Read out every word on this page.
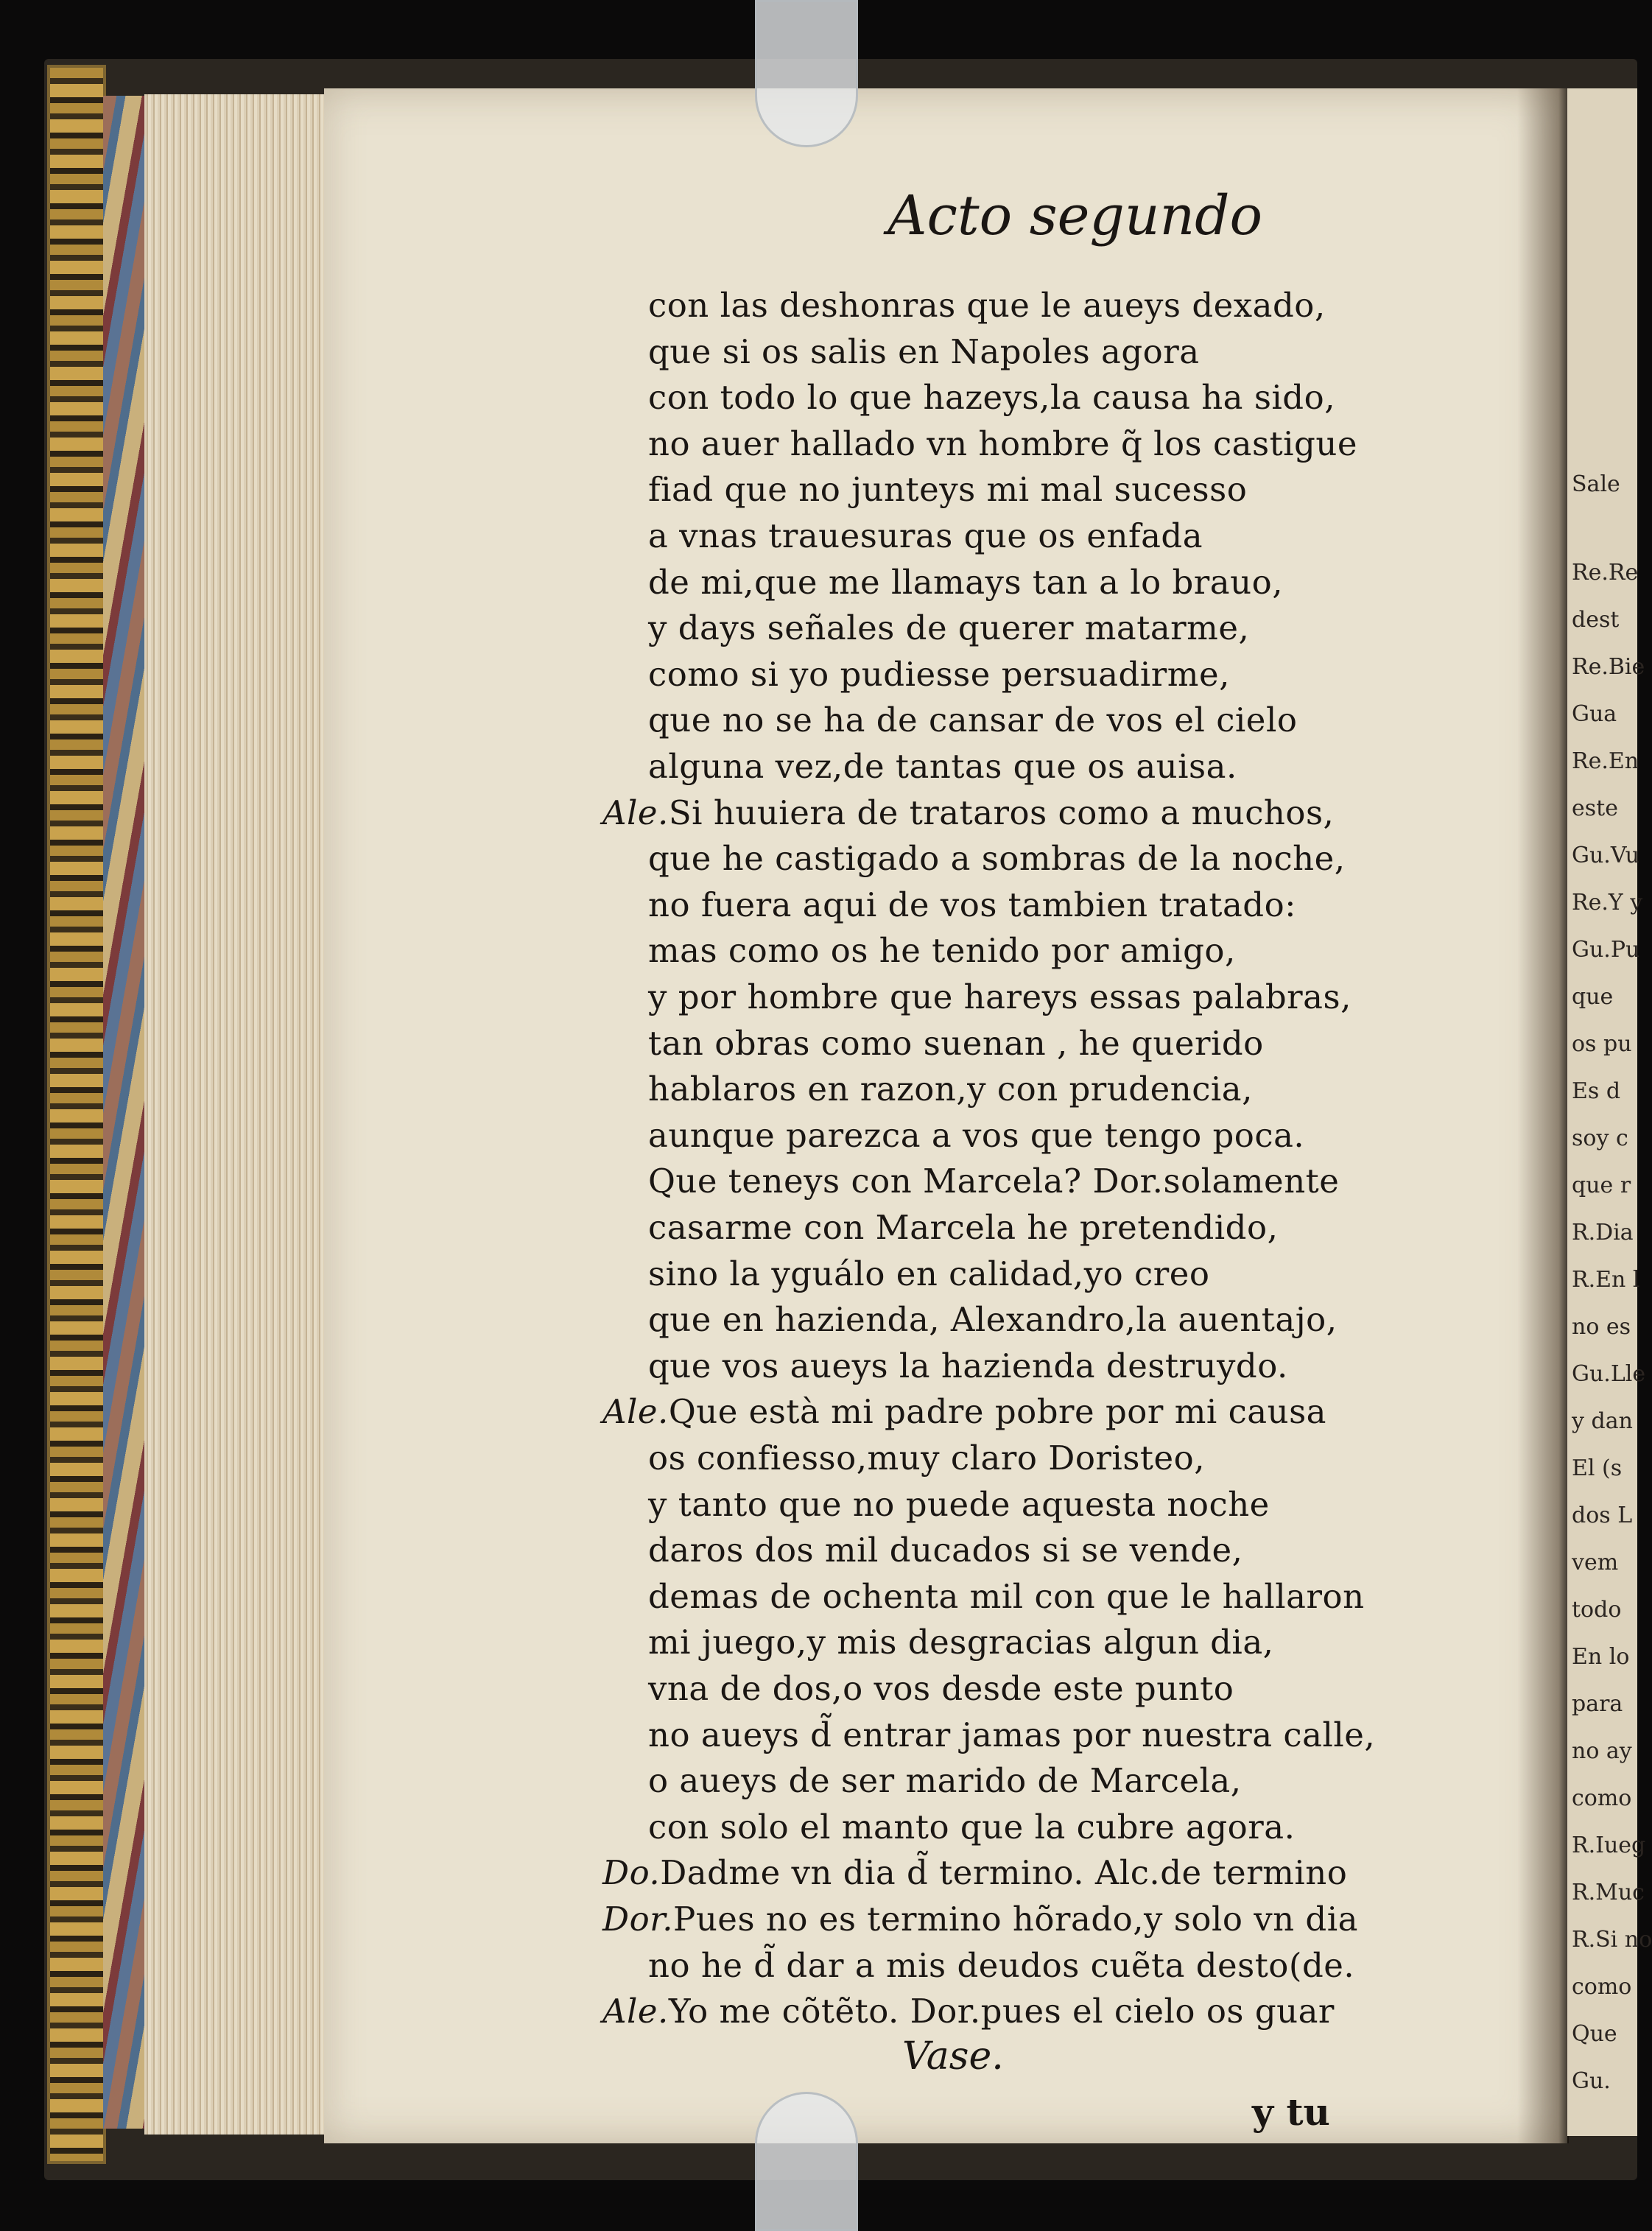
Sale
Re.Re
dest
Re.Bie
Gua
Re.En
este
Gu.Vu
Re.Y y
Gu.Pu
que
os pu
Es d
soy c
que r
R.Dia
R.En l
no es
Gu.Lle
y dan
El (s
dos L
vem
todo
En lo
para
no ay
como
R.Iueg
R.Muc
R.Si no
como
Que
Gu.
Acto segundo
con las deshonras que le aueys dexado,
que si os salis en Napoles agora
con todo lo que hazeys,la causa ha sido,
no auer hallado vn hombre q̃ los castigue
fiad que no junteys mi mal sucesso
a vnas trauesuras que os enfada
de mi,que me llamays tan a lo brauo,
y days señales de querer matarme,
como si yo pudiesse persuadirme,
que no se ha de cansar de vos el cielo
alguna vez,de tantas que os auisa.
Ale.Si huuiera de trataros como a muchos,
que he castigado a sombras de la noche,
no fuera aqui de vos tambien tratado:
mas como os he tenido por amigo,
y por hombre que hareys essas palabras,
tan obras como suenan , he querido
hablaros en razon,y con prudencia,
aunque parezca a vos que tengo poca.
Que teneys con Marcela? Dor.solamente
casarme con Marcela he pretendido,
sino la yguálo en calidad,yo creo
que en hazienda, Alexandro,la auentajo,
que vos aueys la hazienda destruydo.
Ale.Que està mi padre pobre por mi causa
os confiesso,muy claro Doristeo,
y tanto que no puede aquesta noche
daros dos mil ducados si se vende,
demas de ochenta mil con que le hallaron
mi juego,y mis desgracias algun dia,
vna de dos,o vos desde este punto
no aueys d̃ entrar jamas por nuestra calle,
o aueys de ser marido de Marcela,
con solo el manto que la cubre agora.
Do.Dadme vn dia d̃ termino. Alc.de termino
Dor.Pues no es termino hõrado,y solo vn dia
no he d̃ dar a mis deudos cuẽta desto(de.
Ale.Yo me cõtẽto. Dor.pues el cielo os guar
Vase.
y tu
